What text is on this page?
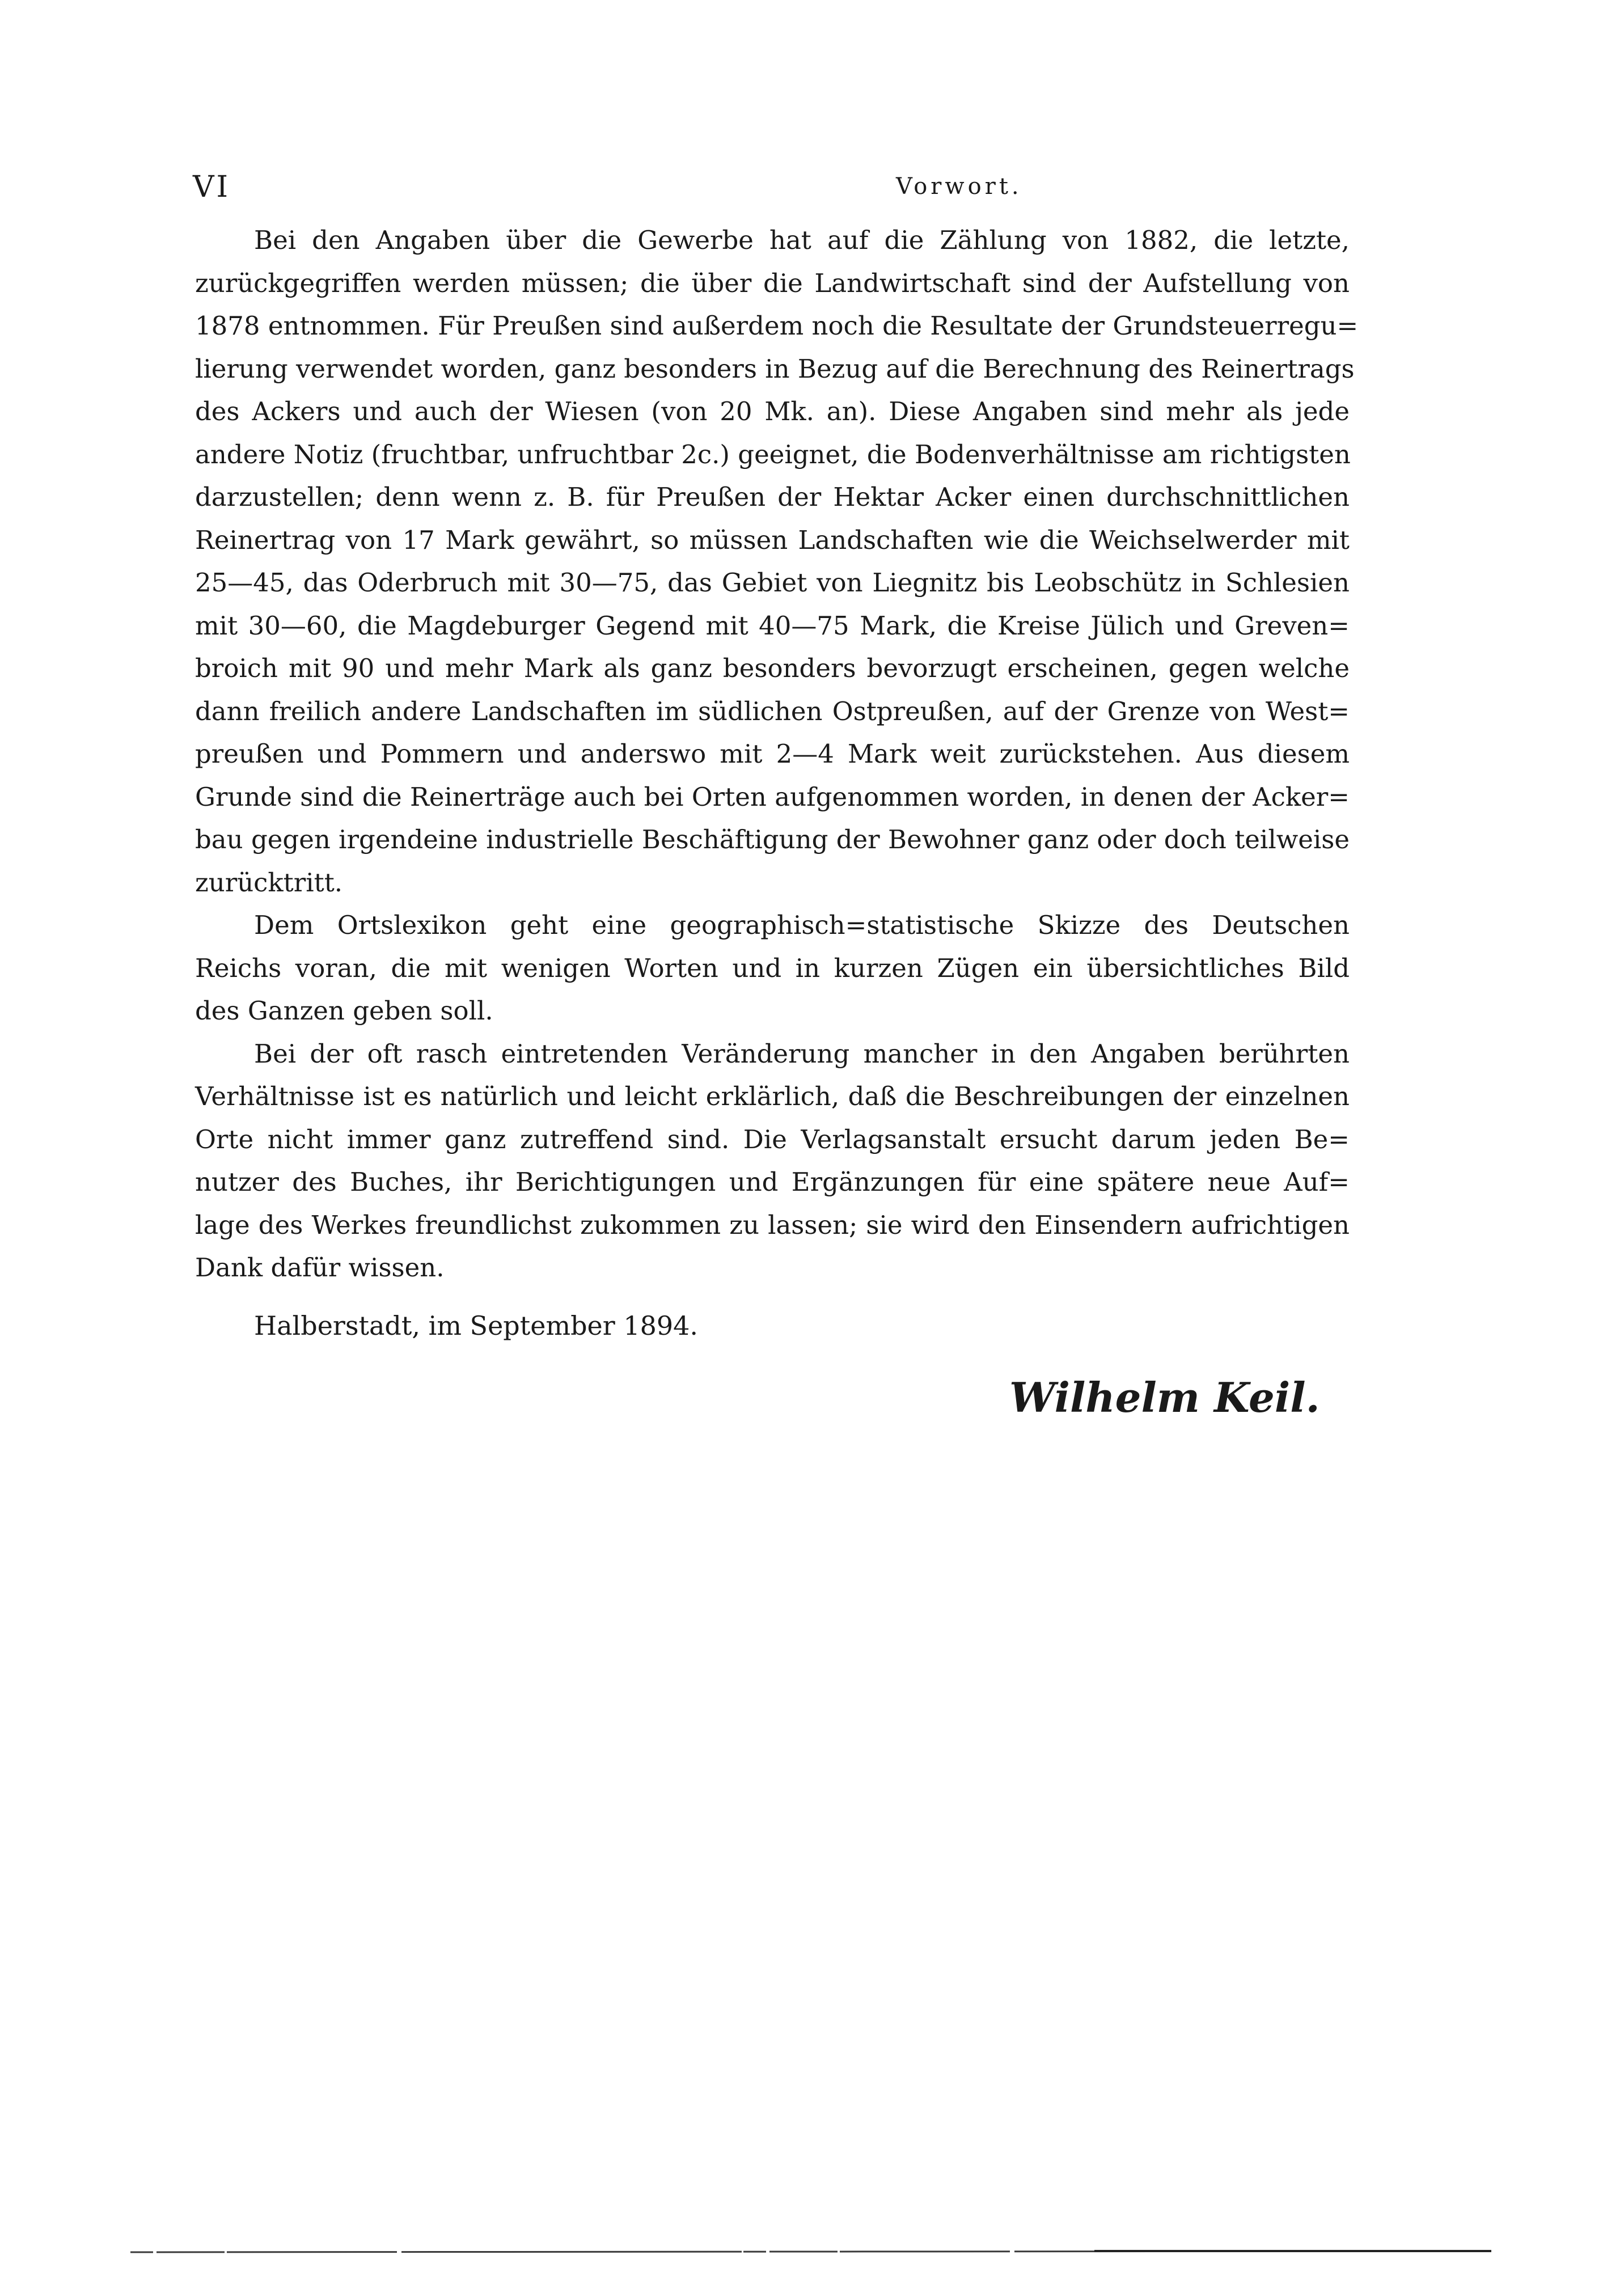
VI	Vorwort.
Bei den Angaben über die Gewerbe hat auf die Zählung von 1882, die letzte,
zurückgegriffen werden müssen; die über die Landwirtschaft sind der Aufstellung von
1878 entnommen. Für Preußen sind außerdem noch die Resultate der Grundsteuerregu=
lierung verwendet worden, ganz besonders in Bezug auf die Berechnung des Reinertrags
des Ackers und auch der Wiesen (von 20 Mk. an). Diese Angaben sind mehr als jede
andere Notiz (fruchtbar, unfruchtbar 2c.) geeignet, die Bodenverhältnisse am richtigsten
darzustellen; denn wenn z. B. für Preußen der Hektar Acker einen durchschnittlichen
Reinertrag von 17 Mark gewährt, so müssen Landschaften wie die Weichselwerder mit
25—45, das Oderbruch mit 30—75, das Gebiet von Liegnitz bis Leobschütz in Schlesien
mit 30—60, die Magdeburger Gegend mit 40—75 Mark, die Kreise Jülich und Greven=
broich mit 90 und mehr Mark als ganz besonders bevorzugt erscheinen, gegen welche
dann freilich andere Landschaften im südlichen Ostpreußen, auf der Grenze von West=
preußen und Pommern und anderswo mit 2—4 Mark weit zurückstehen. Aus diesem
Grunde sind die Reinerträge auch bei Orten aufgenommen worden, in denen der Acker=
bau gegen irgendeine industrielle Beschäftigung der Bewohner ganz oder doch teilweise
zurücktritt.
Dem Ortslexikon geht eine geographisch=statistische Skizze des Deutschen
Reichs voran, die mit wenigen Worten und in kurzen Zügen ein übersichtliches Bild
des Ganzen geben soll.
Bei der oft rasch eintretenden Veränderung mancher in den Angaben berührten
Verhältnisse ist es natürlich und leicht erklärlich, daß die Beschreibungen der einzelnen
Orte nicht immer ganz zutreffend sind. Die Verlagsanstalt ersucht darum jeden Be=
nutzer des Buches, ihr Berichtigungen und Ergänzungen für eine spätere neue Auf=
lage des Werkes freundlichst zukommen zu lassen; sie wird den Einsendern aufrichtigen
Dank dafür wissen.
Halberstadt, im September 1894.
Wilhelm Keil.
